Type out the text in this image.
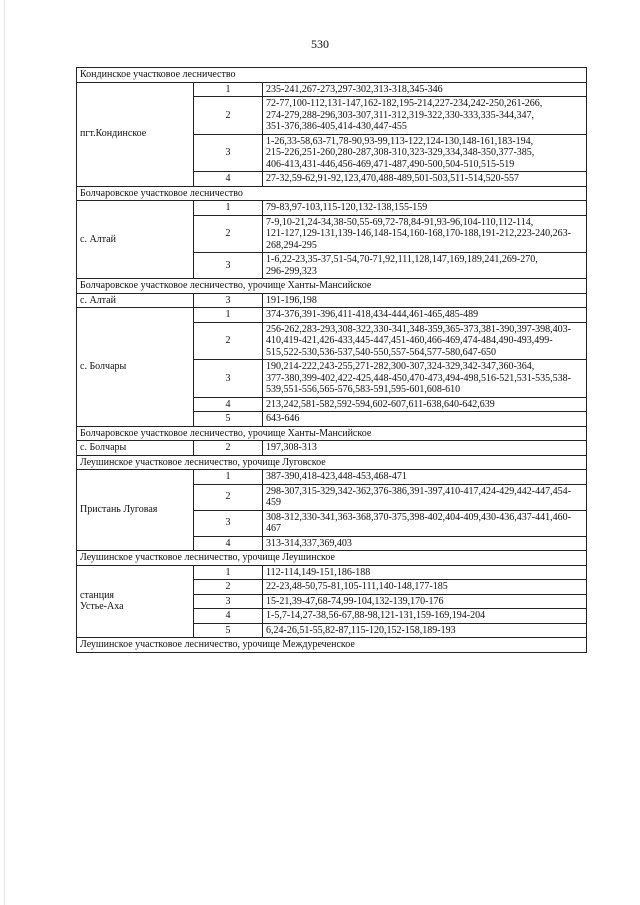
530
Кондинское участковое лесничество		
пгт.Кондинское	1	235-241,267-273,297-302,313-318,345-346
	2	72-77,100-112,131-147,162-182,195-214,227-234,242-250,261-266,
274-279,288-296,303-307,311-312,319-322,330-333,335-344,347,
351-376,386-405,414-430,447-455
	3	1-26,33-58,63-71,78-90,93-99,113-122,124-130,148-161,183-194,
215-226,251-260,280-287,308-310,323-329,334,348-350,377-385,
406-413,431-446,456-469,471-487,490-500,504-510,515-519
	4	27-32,59-62,91-92,123,470,488-489,501-503,511-514,520-557
Болчаровское участковое лесничество		
с. Алтай	1	79-83,97-103,115-120,132-138,155-159
	2	7-9,10-21,24-34,38-50,55-69,72-78,84-91,93-96,104-110,112-114,
121-127,129-131,139-146,148-154,160-168,170-188,191-212,223-240,263-268,294-295
	3	1-6,22-23,35-37,51-54,70-71,92,111,128,147,169,189,241,269-270,
296-299,323
Болчаровское участковое лесничество, урочище Ханты-Мансийское		
с. Алтай	3	191-196,198
с. Болчары	1	374-376,391-396,411-418,434-444,461-465,485-489
	2	256-262,283-293,308-322,330-341,348-359,365-373,381-390,397-398,403-410,419-421,426-433,445-447,451-460,466-469,474-484,490-493,499-515,522-530,536-537,540-550,557-564,577-580,647-650
	3	190,214-222,243-255,271-282,300-307,324-329,342-347,360-364,
377-380,399-402,422-425,448-450,470-473,494-498,516-521,531-535,538-539,551-556,565-576,583-591,595-601,608-610
	4	213,242,581-582,592-594,602-607,611-638,640-642,639
	5	643-646
Болчаровское участковое лесничество, урочище Ханты-Мансийское		
с. Болчары	2	197,308-313
Леушинское участковое лесничество, урочище Луговское		
Пристань Луговая	1	387-390,418-423,448-453,468-471
	2	298-307,315-329,342-362,376-386,391-397,410-417,424-429,442-447,454-459
	3	308-312,330-341,363-368,370-375,398-402,404-409,430-436,437-441,460-467
	4	313-314,337,369,403
Леушинское участковое лесничество, урочище Леушинское		
станция
Устье-Аха	1	112-114,149-151,186-188
	2	22-23,48-50,75-81,105-111,140-148,177-185
	3	15-21,39-47,68-74,99-104,132-139,170-176
	4	1-5,7-14,27-38,56-67,88-98,121-131,159-169,194-204
	5	6,24-26,51-55,82-87,115-120,152-158,189-193
Леушинское участковое лесничество, урочище Междуреченское		
